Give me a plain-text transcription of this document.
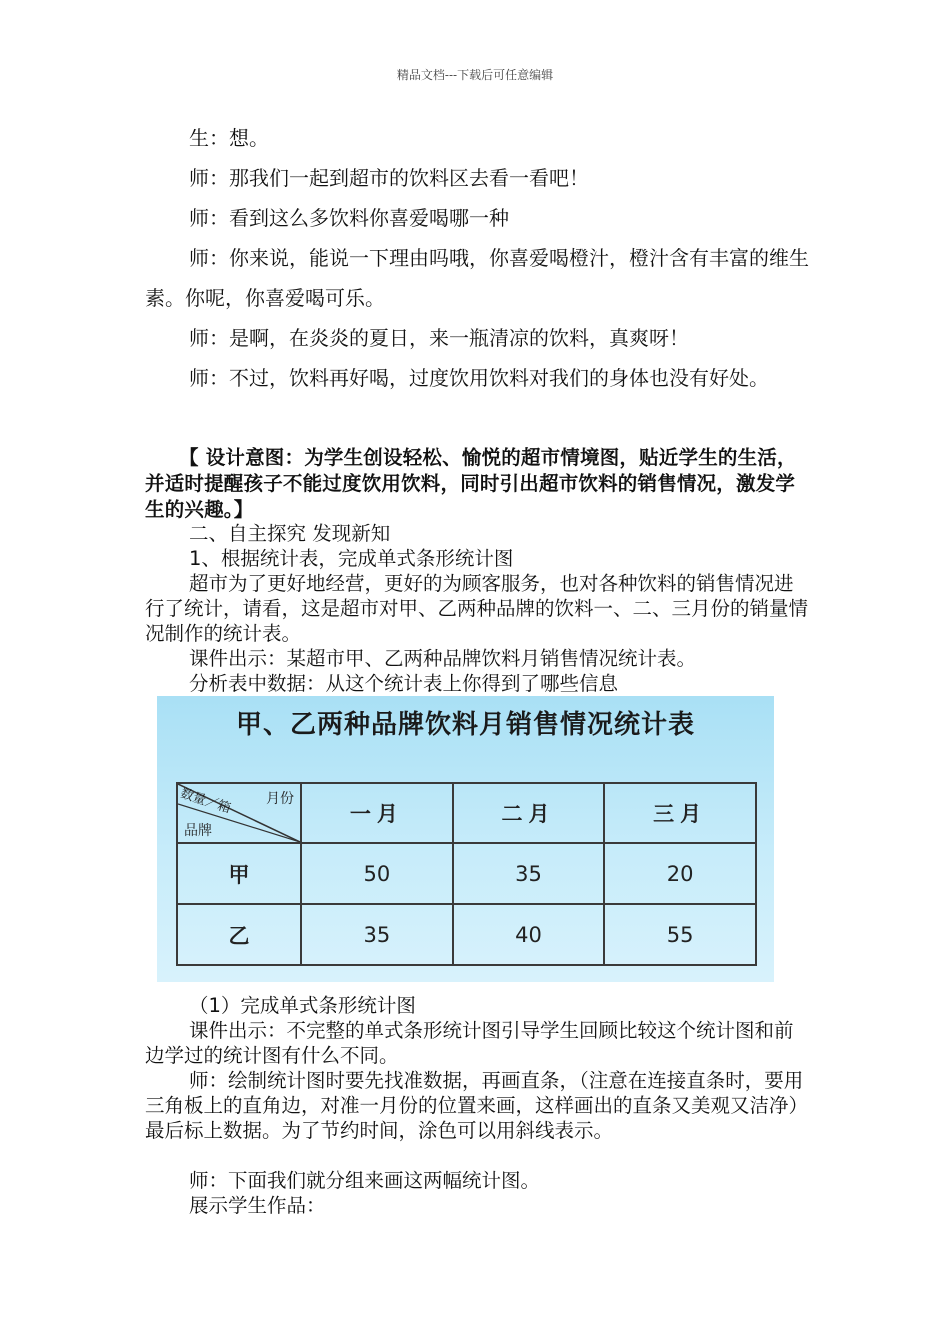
精品文档---下载后可任意编辑

生：想。

师：那我们一起到超市的饮料区去看一看吧！

师：看到这么多饮料你喜爱喝哪一种

师：你来说，能说一下理由吗哦，你喜爱喝橙汁，橙汁含有丰富的维生素。你呢，你喜爱喝可乐。

师：是啊，在炎炎的夏日，来一瓶清凉的饮料，真爽呀！

师：不过，饮料再好喝，过度饮用饮料对我们的身体也没有好处。

【 设计意图：为学生创设轻松、愉悦的超市情境图，贴近学生的生活，并适时提醒孩子不能过度饮用饮料，同时引出超市饮料的销售情况，激发学生的兴趣。】

二、自主探究 发现新知

1、根据统计表，完成单式条形统计图

超市为了更好地经营，更好的为顾客服务，也对各种饮料的销售情况进行了统计，请看，这是超市对甲、乙两种品牌的饮料一、二、三月份的销量情况制作的统计表。

课件出示：某超市甲、乙两种品牌饮料月销售情况统计表。

分析表中数据：从这个统计表上你得到了哪些信息

甲、乙两种品牌饮料月销售情况统计表
月份
数量／箱
品牌	一月	二月	三月
甲	50	35	20
乙	35	40	55

（1）完成单式条形统计图

课件出示：不完整的单式条形统计图引导学生回顾比较这个统计图和前边学过的统计图有什么不同。

师：绘制统计图时要先找准数据，再画直条，（注意在连接直条时，要用三角板上的直角边，对准一月份的位置来画，这样画出的直条又美观又洁净）最后标上数据。为了节约时间，涂色可以用斜线表示。

师：下面我们就分组来画这两幅统计图。

展示学生作品：
